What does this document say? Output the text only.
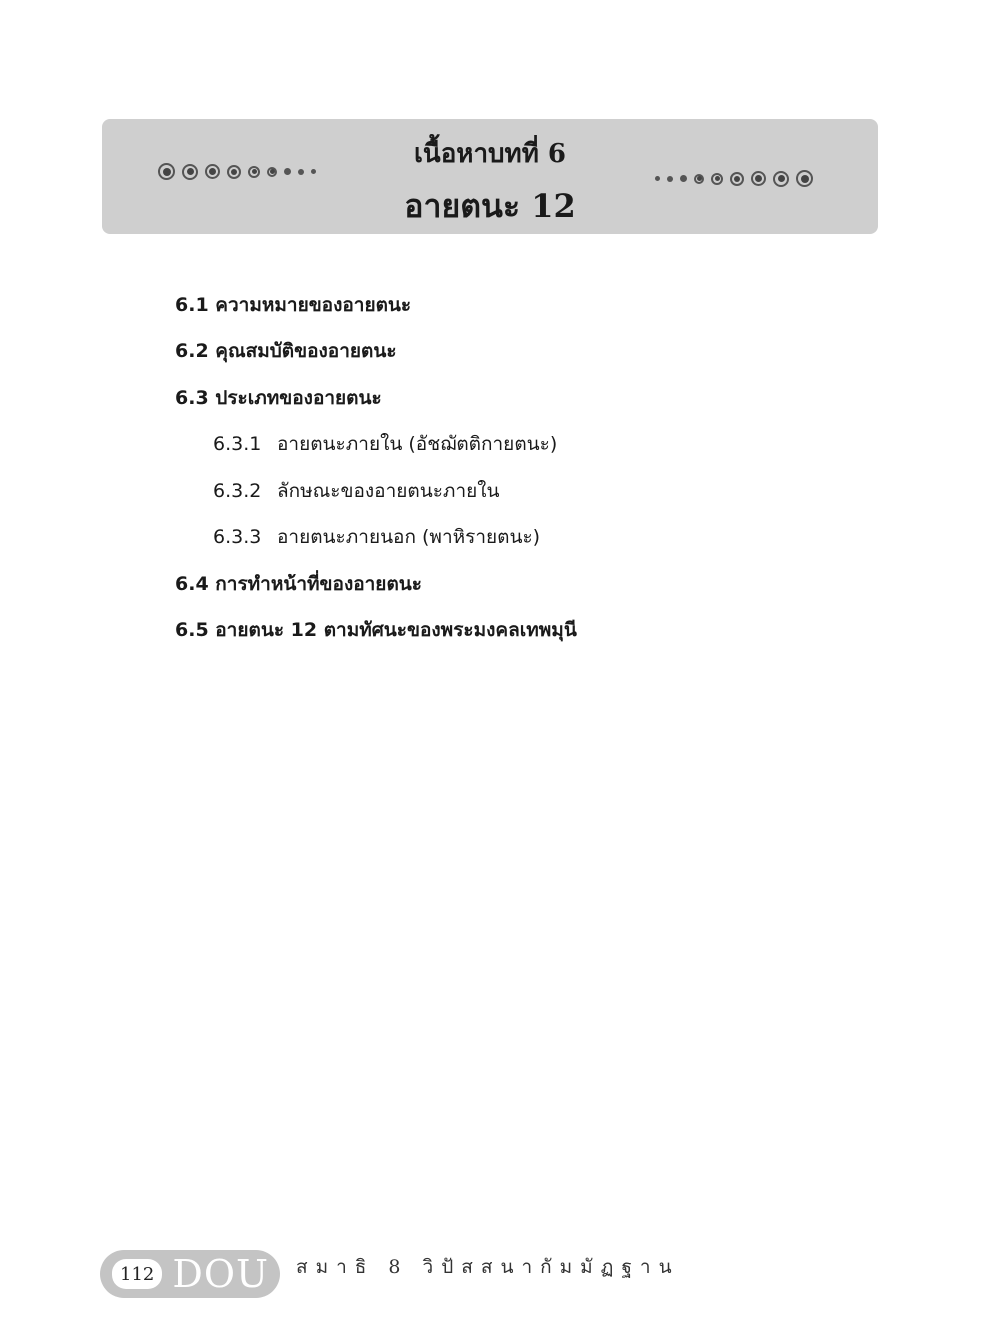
เนื้อหาบทที่ 6
อายตนะ 12
6.1 ความหมายของอายตนะ
6.2 คุณสมบัติของอายตนะ
6.3 ประเภทของอายตนะ
6.3.1 อายตนะภายใน (อัชฌัตติกายตนะ)
6.3.2 ลักษณะของอายตนะภายใน
6.3.3 อายตนะภายนอก (พาหิรายตนะ)
6.4 การทำหน้าที่ของอายตนะ
6.5 อายตนะ 12 ตามทัศนะของพระมงคลเทพมุนี
112 DOU สมาธิ 8 วิปัสสนากัมมัฏฐาน
